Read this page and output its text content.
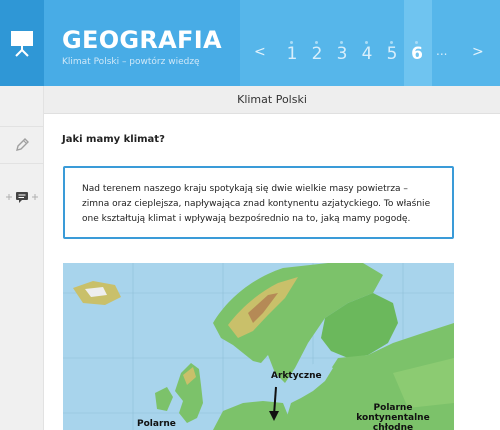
GEOGRAFIA
Klimat Polski – powtórz wiedzę
< 1 2 3 4 5 6 ... >
Klimat Polski
Jaki mamy klimat?

Nad terenem naszego kraju spotykają się dwie wielkie masy powietrza –

zimna oraz cieplejsza, napływająca znad kontynentu azjatyckiego. To właśnie

one kształtują klimat i wpływają bezpośrednio na to, jaką mamy pogodę.

Arktyczne
Polarne
Polarne
kontynentalne
chłodne
